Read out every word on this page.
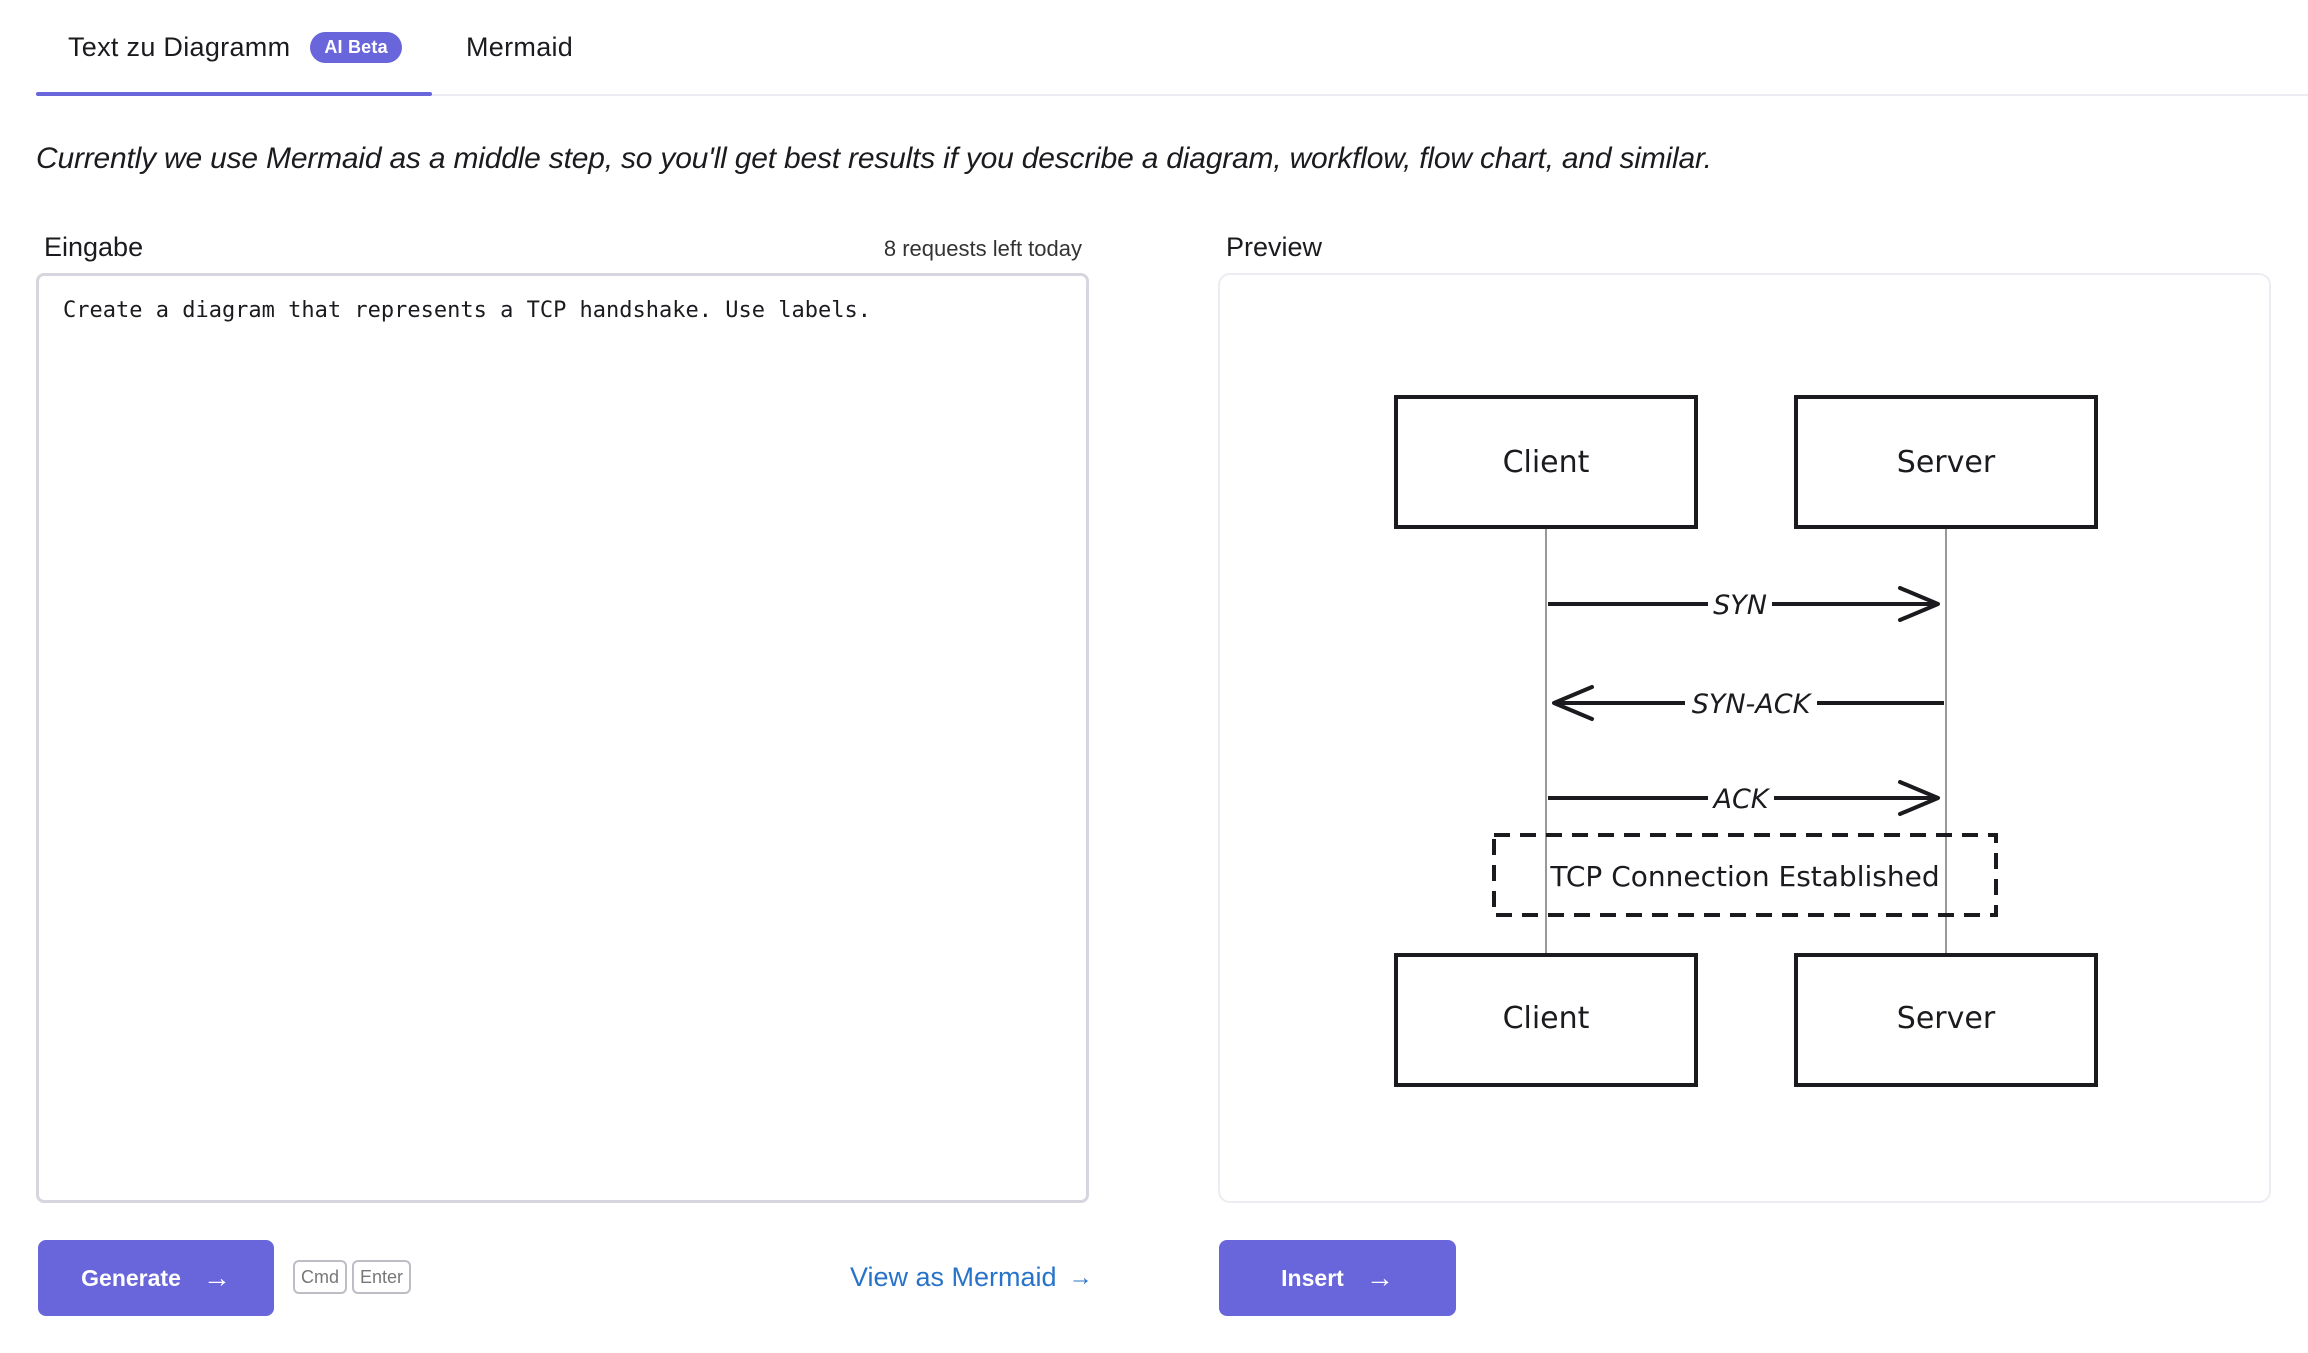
Text zu Diagramm	AI Beta	Mermaid
Currently we use Mermaid as a middle step, so you'll get best results if you describe a diagram, workflow, flow chart, and similar.
Eingabe	8 requests left today	Preview
Create a diagram that represents a TCP handshake. Use labels.
Client	Server
SYN
SYN-ACK
ACK
TCP Connection Established
Client	Server
Generate →	Cmd	Enter	View as Mermaid →	Insert →
